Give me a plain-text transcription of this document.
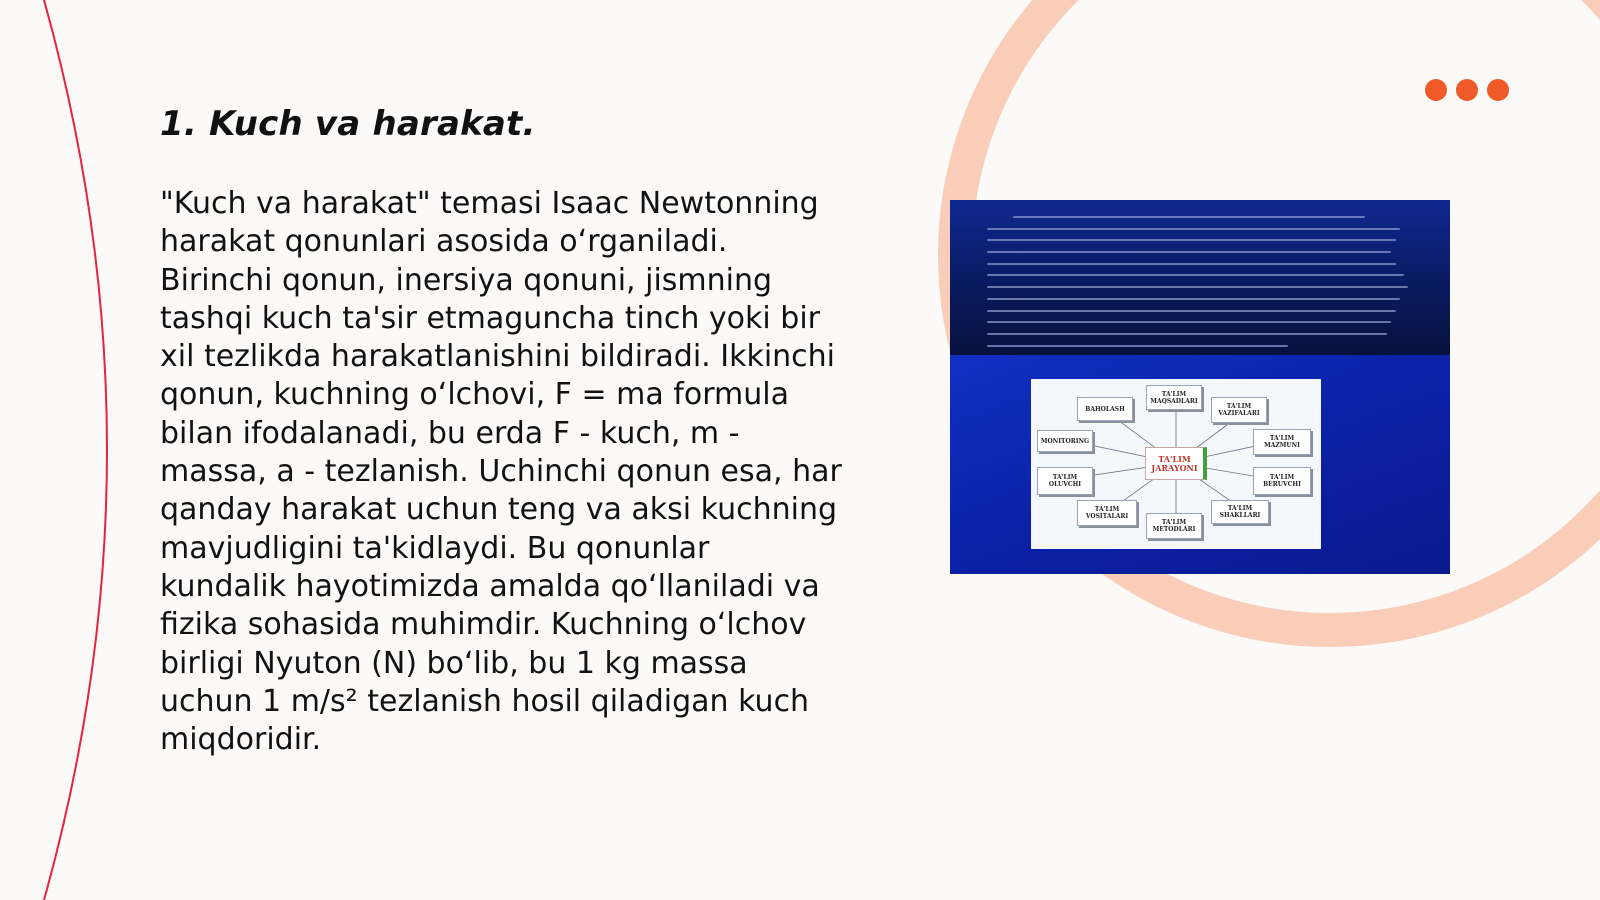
1. Kuch va harakat.

"Kuch va harakat" temasi Isaac Newtonning harakat qonunlari asosida o‘rganiladi. Birinchi qonun, inersiya qonuni, jismning tashqi kuch ta'sir etmaguncha tinch yoki bir xil tezlikda harakatlanishini bildiradi. Ikkinchi qonun, kuchning o‘lchovi, F = ma formula bilan ifodalanadi, bu erda F - kuch, m - massa, a - tezlanish. Uchinchi qonun esa, har qanday harakat uchun teng va aksi kuchning mavjudligini ta'kidlaydi. Bu qonunlar kundalik hayotimizda amalda qo‘llaniladi va fizika sohasida muhimdir. Kuchning o‘lchov birligi Nyuton (N) bo‘lib, bu 1 kg massa uchun 1 m/s² tezlanish hosil qiladigan kuch miqdoridir.

TA'LIM MAQSADLARI
BAHOLASH	TA'LIM VAZIFALARI
MONITORING	TA'LIM MAZMUNI
TA'LIM OLUVCHI
TA'LIM BERUVCHI
TA'LIM VOSITALARI
TA'LIM SHAKLLARI
TA'LIM METODLARI
TA'LIM JARAYONI
